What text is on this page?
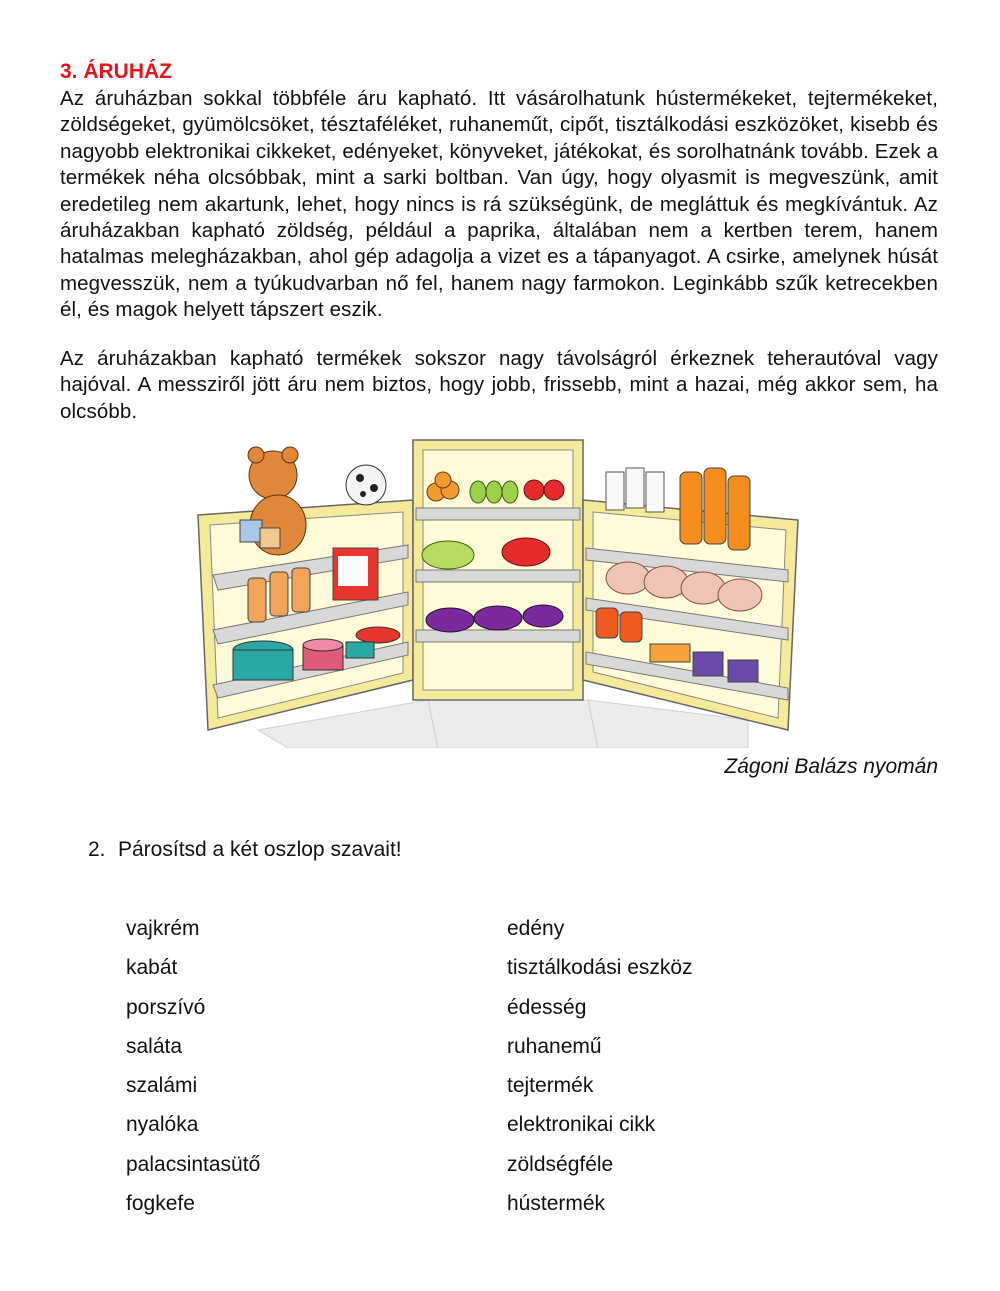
3. ÁRUHÁZ

Az áruházban sokkal többféle áru kapható. Itt vásárolhatunk hústermékeket, tejtermékeket, zöldségeket, gyümölcsöket, tésztaféléket, ruhaneműt, cipőt, tisztálkodási eszközöket, kisebb és nagyobb elektronikai cikkeket, edényeket, könyveket, játékokat, és sorolhatnánk tovább. Ezek a termékek néha olcsóbbak, mint a sarki boltban. Van úgy, hogy olyasmit is megveszünk, amit eredetileg nem akartunk, lehet, hogy nincs is rá szükségünk, de megláttuk és megkívántuk. Az áruházakban kapható zöldség, például a paprika, általában nem a kertben terem, hanem hatalmas melegházakban, ahol gép adagolja a vizet es a tápanyagot. A csirke, amelynek húsát megvesszük, nem a tyúkudvarban nő fel, hanem nagy farmokon. Leginkább szűk ketrecekben él, és magok helyett tápszert eszik.

Az áruházakban kapható termékek sokszor nagy távolságról érkeznek teherautóval vagy hajóval. A messziről jött áru nem biztos, hogy jobb, frissebb, mint a hazai, még akkor sem, ha olcsóbb.

Zágoni Balázs nyomán

2. Párosítsd a két oszlop szavait!

vajkrém
kabát
porszívó
saláta
szalámi
nyalóka
palacsintasütő
fogkefe
edény
tisztálkodási eszköz
édesség
ruhanemű
tejtermék
elektronikai cikk
zöldségféle
hústermék
